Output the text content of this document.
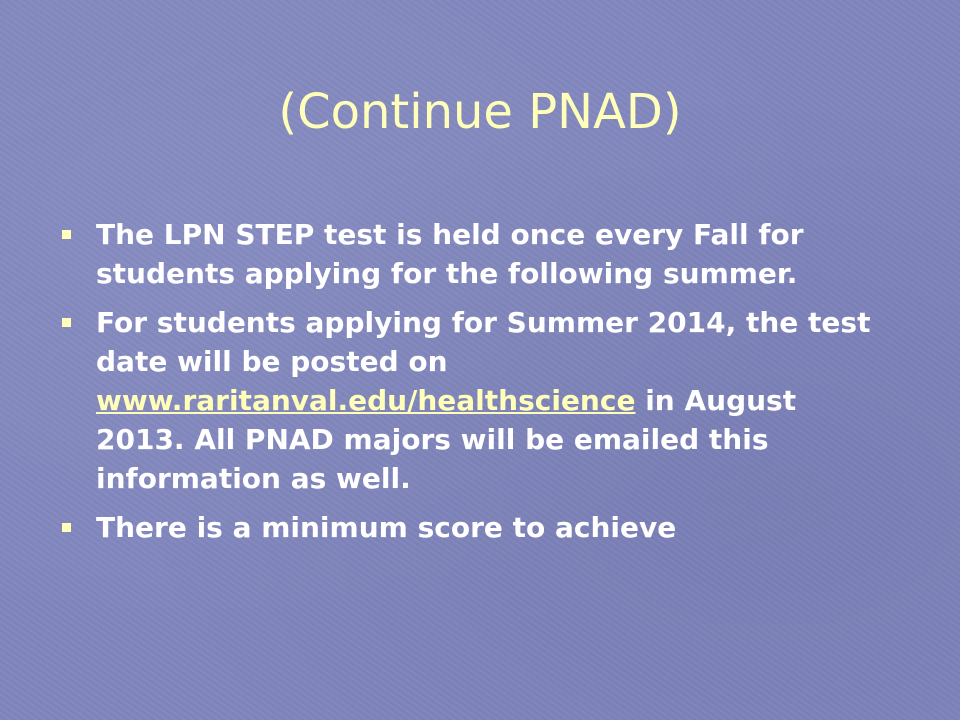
(Continue PNAD)
The LPN STEP test is held once every Fall for students applying for the following summer.
For students applying for Summer 2014, the test date will be posted on www.raritanval.edu/healthscience in August 2013. All PNAD majors will be emailed this information as well.
There is a minimum score to achieve
